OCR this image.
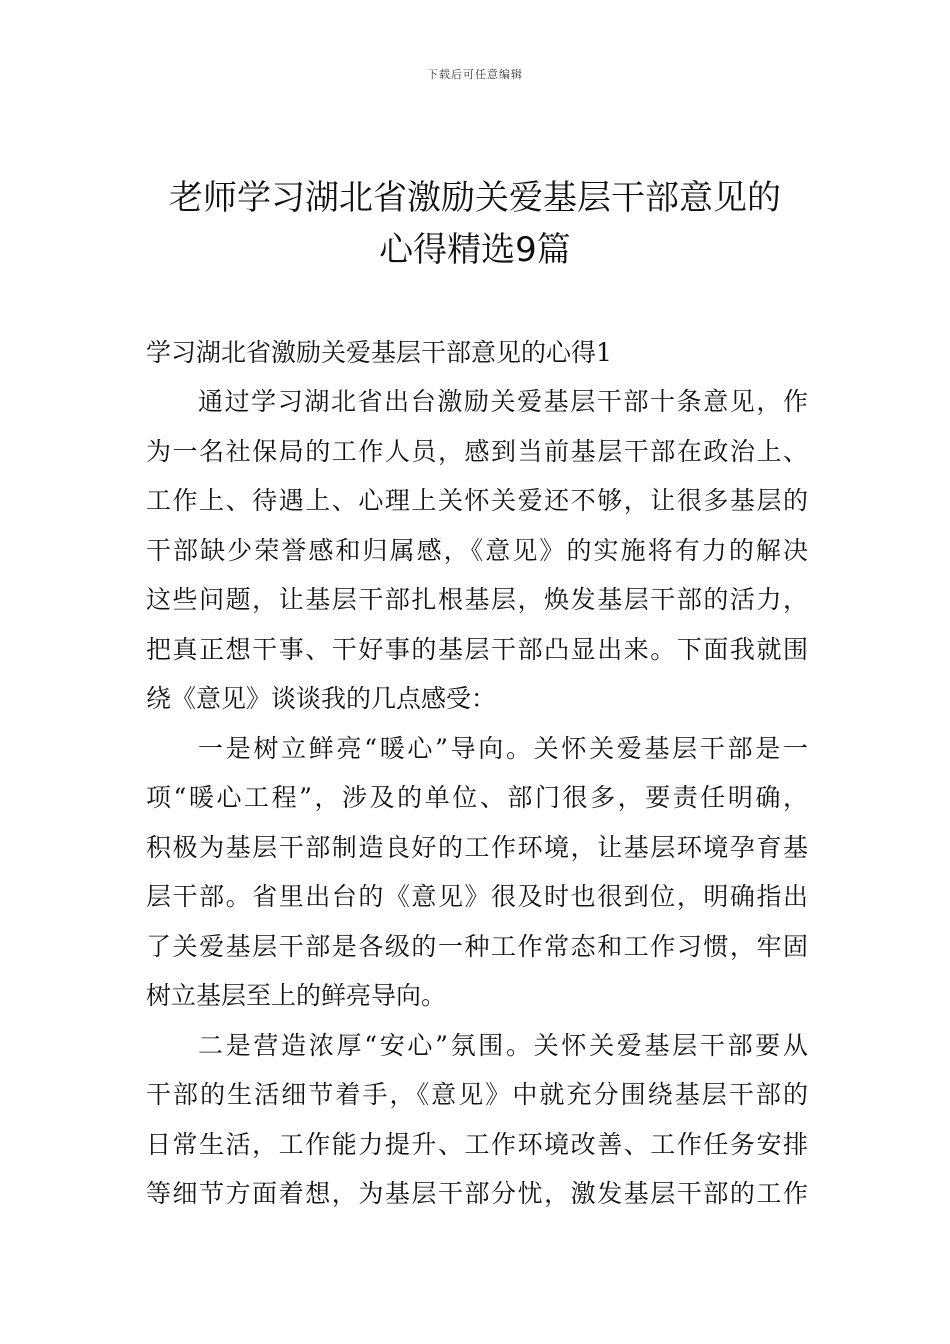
下载后可任意编辑
老师学习湖北省激励关爱基层干部意见的
心得精选9篇

学习湖北省激励关爱基层干部意见的心得1

通过学习湖北省出台激励关爱基层干部十条意见，作
为一名社保局的工作人员，感到当前基层干部在政治上、
工作上、待遇上、心理上关怀关爱还不够，让很多基层的
干部缺少荣誉感和归属感，《意见》的实施将有力的解决
这些问题，让基层干部扎根基层，焕发基层干部的活力，
把真正想干事、干好事的基层干部凸显出来。下面我就围
绕《意见》谈谈我的几点感受：

一是树立鲜亮“暖心”导向。关怀关爱基层干部是一
项“暖心工程”，涉及的单位、部门很多，要责任明确，
积极为基层干部制造良好的工作环境，让基层环境孕育基
层干部。省里出台的《意见》很及时也很到位，明确指出
了关爱基层干部是各级的一种工作常态和工作习惯，牢固
树立基层至上的鲜亮导向。

二是营造浓厚“安心”氛围。关怀关爱基层干部要从
干部的生活细节着手，《意见》中就充分围绕基层干部的
日常生活，工作能力提升、工作环境改善、工作任务安排
等细节方面着想，为基层干部分忧，激发基层干部的工作
